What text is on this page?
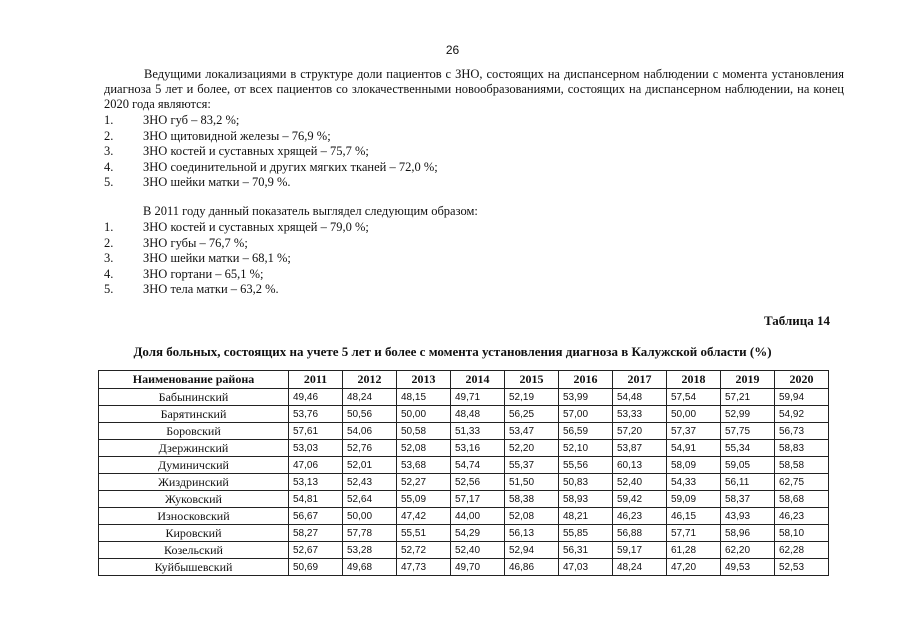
26
Ведущими локализациями в структуре доли пациентов с ЗНО, состоящих на диспансерном наблюдении с момента установления диагноза 5 лет и более, от всех пациентов со злокачественными новообразованиями, состоящих на диспансерном наблюдении, на конец 2020 года являются:
1. ЗНО губ – 83,2 %;
2. ЗНО щитовидной железы – 76,9 %;
3. ЗНО костей и суставных хрящей – 75,7 %;
4. ЗНО соединительной и других мягких тканей – 72,0 %;
5. ЗНО шейки матки – 70,9 %.
В 2011 году данный показатель выглядел следующим образом:
1. ЗНО костей и суставных хрящей – 79,0 %;
2. ЗНО губы – 76,7 %;
3. ЗНО шейки матки – 68,1 %;
4. ЗНО гортани – 65,1 %;
5. ЗНО тела матки – 63,2 %.
Таблица 14
Доля больных, состоящих на учете 5 лет и более с момента установления диагноза в Калужской области (%)
Наименование района	2011	2012	2013	2014	2015	2016	2017	2018	2019	2020
Бабынинский	49,46	48,24	48,15	49,71	52,19	53,99	54,48	57,54	57,21	59,94
Барятинский	53,76	50,56	50,00	48,48	56,25	57,00	53,33	50,00	52,99	54,92
Боровский	57,61	54,06	50,58	51,33	53,47	56,59	57,20	57,37	57,75	56,73
Дзержинский	53,03	52,76	52,08	53,16	52,20	52,10	53,87	54,91	55,34	58,83
Думиничский	47,06	52,01	53,68	54,74	55,37	55,56	60,13	58,09	59,05	58,58
Жиздринский	53,13	52,43	52,27	52,56	51,50	50,83	52,40	54,33	56,11	62,75
Жуковский	54,81	52,64	55,09	57,17	58,38	58,93	59,42	59,09	58,37	58,68
Износковский	56,67	50,00	47,42	44,00	52,08	48,21	46,23	46,15	43,93	46,23
Кировский	58,27	57,78	55,51	54,29	56,13	55,85	56,88	57,71	58,96	58,10
Козельский	52,67	53,28	52,72	52,40	52,94	56,31	59,17	61,28	62,20	62,28
Куйбышевский	50,69	49,68	47,73	49,70	46,86	47,03	48,24	47,20	49,53	52,53
